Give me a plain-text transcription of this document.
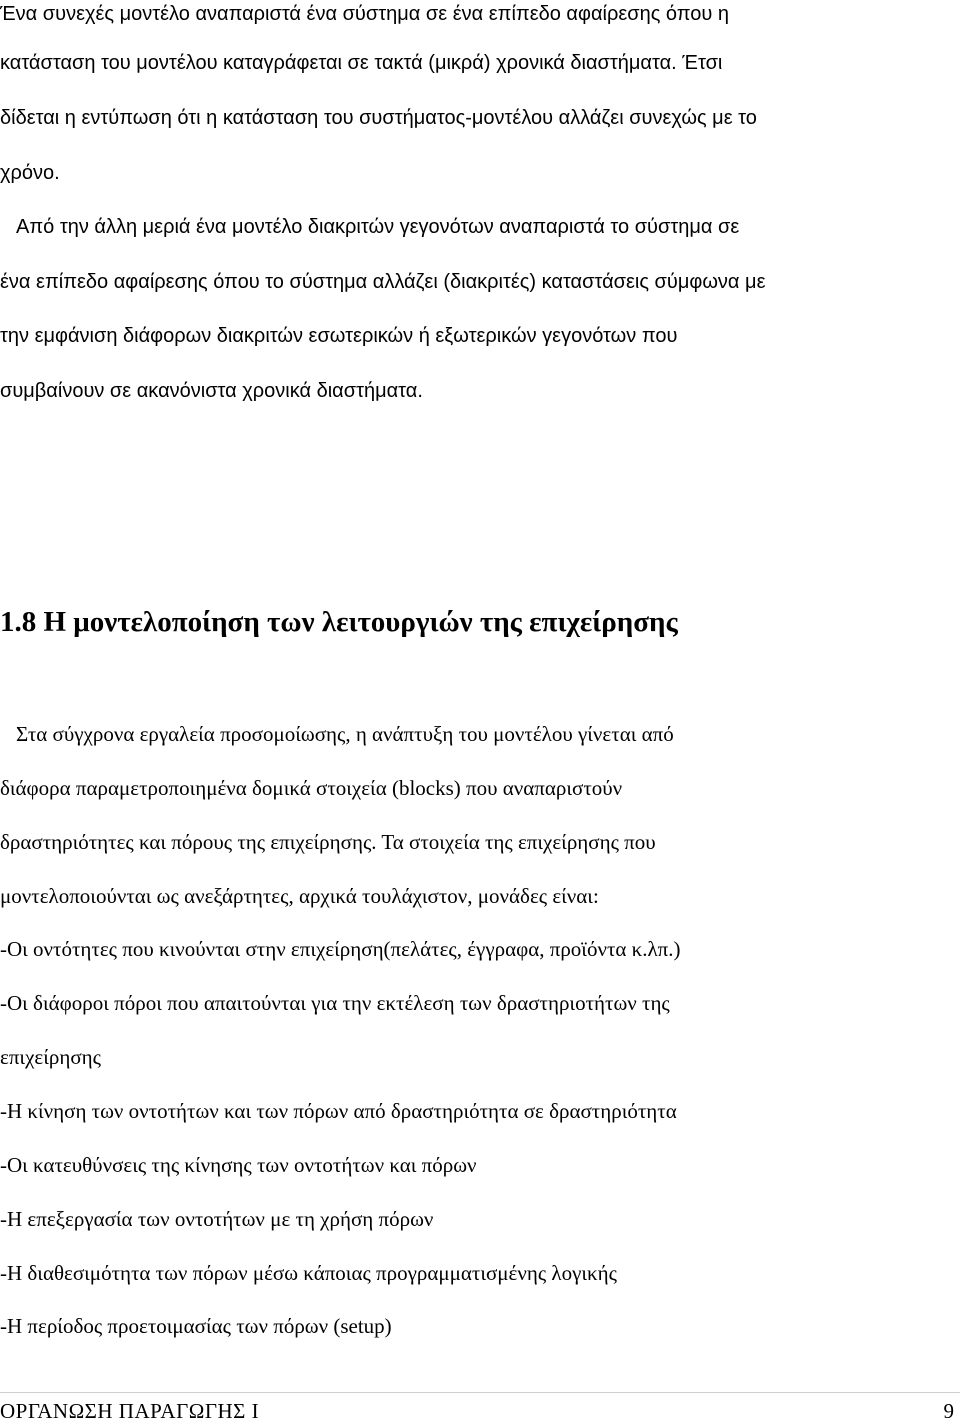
Ένα συνεχές μοντέλο αναπαριστά ένα σύστημα σε ένα επίπεδο αφαίρεσης όπου η
κατάσταση του μοντέλου καταγράφεται σε τακτά (μικρά) χρονικά διαστήματα. Έτσι
δίδεται η εντύπωση ότι η κατάσταση του συστήματος-μοντέλου αλλάζει συνεχώς με το
χρόνο.
Από την άλλη μεριά ένα μοντέλο διακριτών γεγονότων αναπαριστά το σύστημα σε
ένα επίπεδο αφαίρεσης όπου το σύστημα αλλάζει (διακριτές) καταστάσεις σύμφωνα με
την εμφάνιση διάφορων διακριτών εσωτερικών ή εξωτερικών γεγονότων που
συμβαίνουν σε ακανόνιστα χρονικά διαστήματα.
1.8 Η μοντελοποίηση των λειτουργιών της επιχείρησης
Στα σύγχρονα εργαλεία προσομοίωσης, η ανάπτυξη του μοντέλου γίνεται από
διάφορα παραμετροποιημένα δομικά στοιχεία (blocks) που αναπαριστούν
δραστηριότητες και πόρους της επιχείρησης. Τα στοιχεία της επιχείρησης που
μοντελοποιούνται ως ανεξάρτητες, αρχικά τουλάχιστον, μονάδες είναι:
-Οι οντότητες που κινούνται στην επιχείρηση(πελάτες, έγγραφα, προϊόντα κ.λπ.)
-Οι διάφοροι πόροι που απαιτούνται για την εκτέλεση των δραστηριοτήτων της
επιχείρησης
-Η κίνηση των οντοτήτων και των πόρων από δραστηριότητα σε δραστηριότητα
-Οι κατευθύνσεις της κίνησης των οντοτήτων και πόρων
-Η επεξεργασία των οντοτήτων με τη χρήση πόρων
-Η διαθεσιμότητα των πόρων μέσω κάποιας προγραμματισμένης λογικής
-Η περίοδος προετοιμασίας των πόρων (setup)
ΟΡΓΑΝΩΣΗ ΠΑΡΑΓΩΓΗΣ Ι	9
